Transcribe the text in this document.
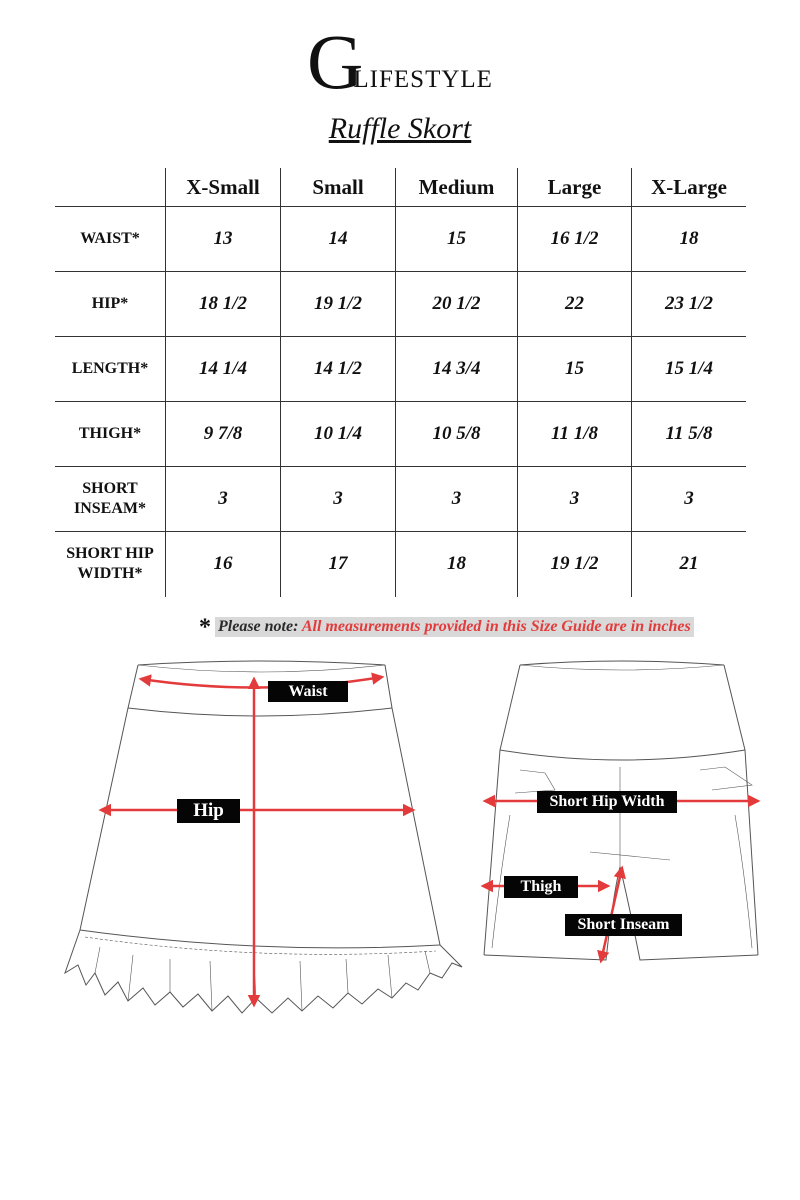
GLIFESTYLE
Ruffle Skort
	X-Small	Small	Medium	Large	X-Large
WAIST*	13	14	15	16 1/2	18
HIP*	18 1/2	19 1/2	20 1/2	22	23 1/2
LENGTH*	14 1/4	14 1/2	14 3/4	15	15 1/4
THIGH*	9 7/8	10 1/4	10 5/8	11 1/8	11 5/8
SHORT INSEAM*	3	3	3	3	3
SHORT HIP WIDTH*	16	17	18	19 1/2	21
* Please note: All measurements provided in this Size Guide are in inches
Waist
Hip	Short Hip Width
Thigh
Short Inseam
